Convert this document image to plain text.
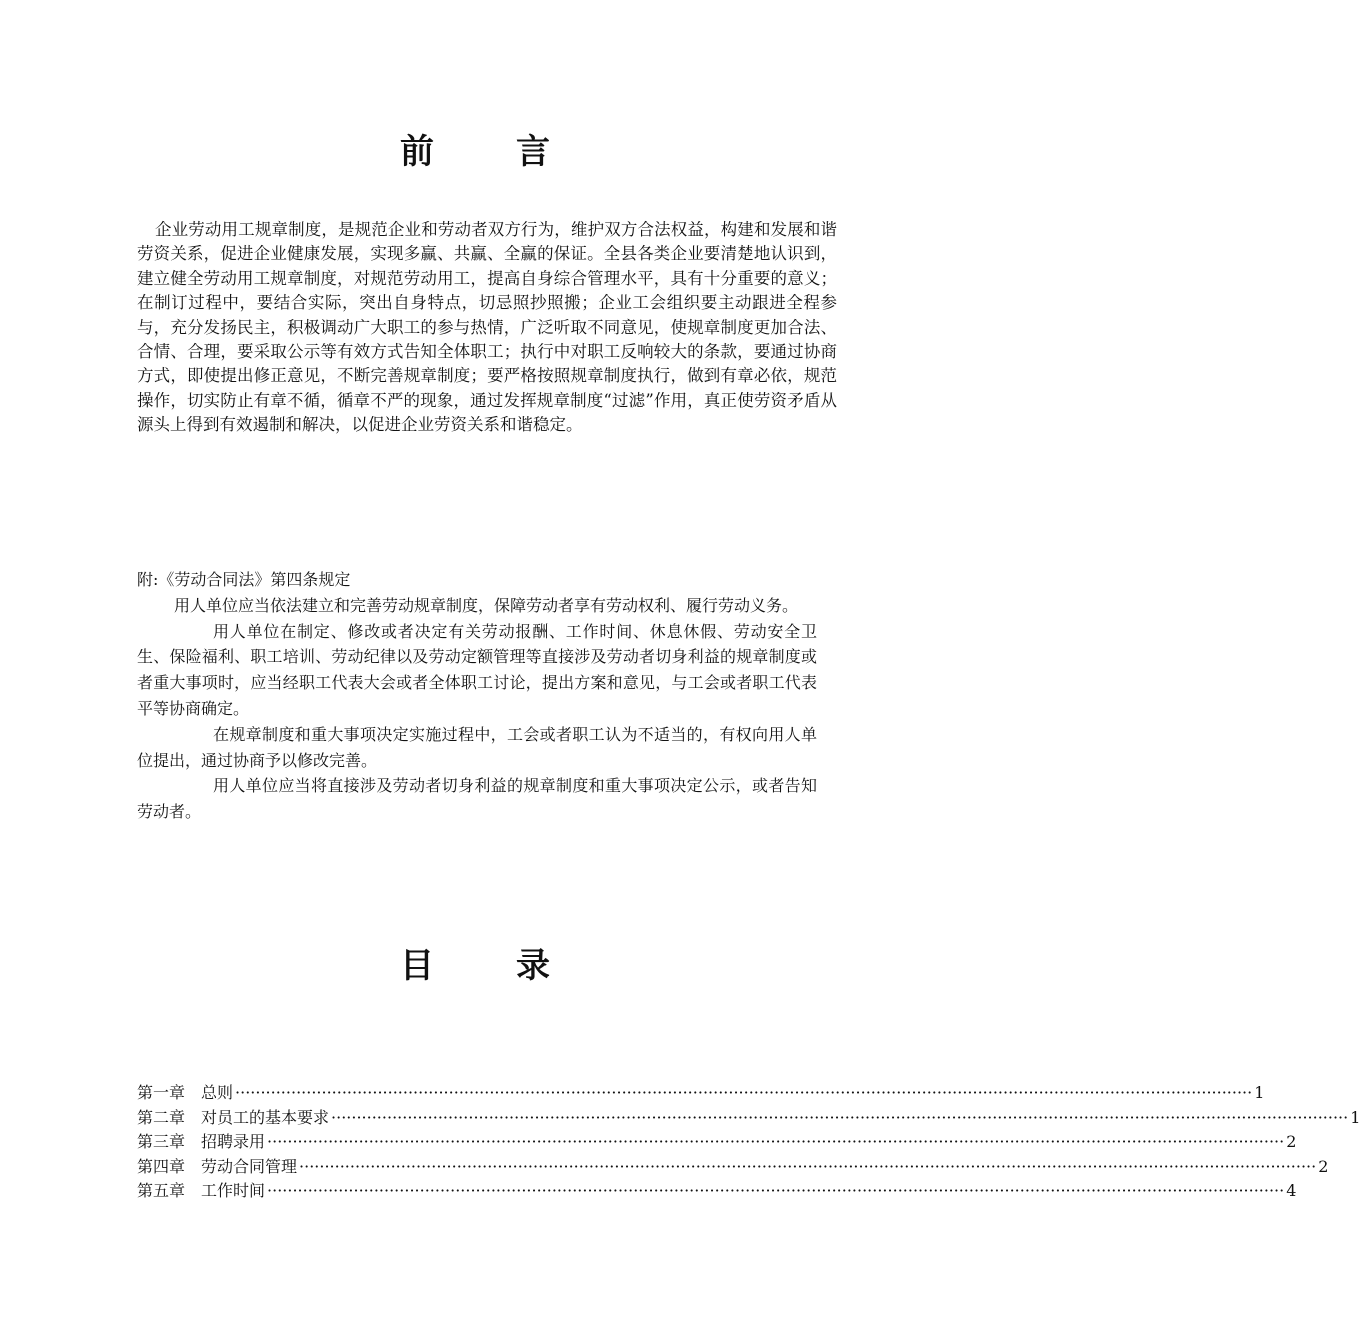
前言

企业劳动用工规章制度，是规范企业和劳动者双方行为，维护双方合法权益，构建和发展和谐劳资关系，促进企业健康发展，实现多赢、共赢、全赢的保证。全县各类企业要清楚地认识到，建立健全劳动用工规章制度，对规范劳动用工，提高自身综合管理水平，具有十分重要的意义；在制订过程中，要结合实际，突出自身特点，切忌照抄照搬；企业工会组织要主动跟进全程参与，充分发扬民主，积极调动广大职工的参与热情，广泛听取不同意见，使规章制度更加合法、合情、合理，要采取公示等有效方式告知全体职工；执行中对职工反响较大的条款，要通过协商方式，即使提出修正意见，不断完善规章制度；要严格按照规章制度执行，做到有章必依，规范操作，切实防止有章不循，循章不严的现象，通过发挥规章制度“过滤”作用，真正使劳资矛盾从源头上得到有效遏制和解决，以促进企业劳资关系和谐稳定。

附:《劳动合同法》第四条规定

用人单位应当依法建立和完善劳动规章制度，保障劳动者享有劳动权利、履行劳动义务。

用人单位在制定、修改或者决定有关劳动报酬、工作时间、休息休假、劳动安全卫生、保险福利、职工培训、劳动纪律以及劳动定额管理等直接涉及劳动者切身利益的规章制度或者重大事项时，应当经职工代表大会或者全体职工讨论，提出方案和意见，与工会或者职工代表平等协商确定。

在规章制度和重大事项决定实施过程中，工会或者职工认为不适当的，有权向用人单位提出，通过协商予以修改完善。

用人单位应当将直接涉及劳动者切身利益的规章制度和重大事项决定公示，或者告知劳动者。

目录
第一章 总则 ········································································································································································································ 1
第二章 对员工的基本要求 ········································································································································································································ 1
第三章 招聘录用 ········································································································································································································ 2
第四章 劳动合同管理 ········································································································································································································ 2
第五章 工作时间 ········································································································································································································ 4
